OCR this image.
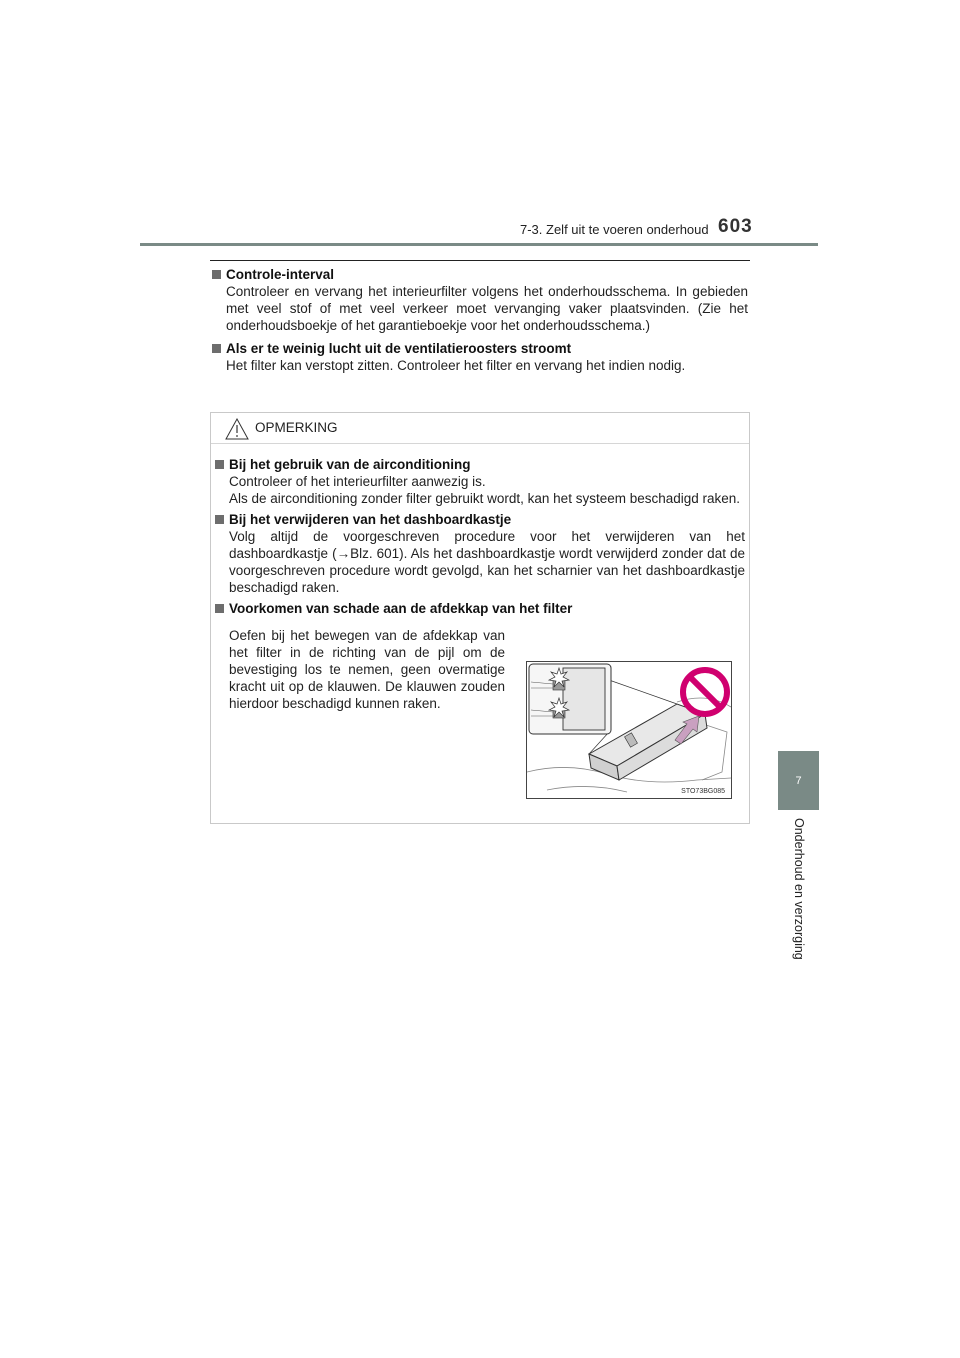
7-3. Zelf uit te voeren onderhoud 603
7
Onderhoud en verzorging
Controle-interval
Controleer en vervang het interieurfilter volgens het onderhoudsschema. In gebieden met veel stof of met veel verkeer moet vervanging vaker plaatsvinden. (Zie het onderhoudsboekje of het garantieboekje voor het onderhoudsschema.)
Als er te weinig lucht uit de ventilatieroosters stroomt
Het filter kan verstopt zitten. Controleer het filter en vervang het indien nodig.
OPMERKING
Bij het gebruik van de airconditioning
Controleer of het interieurfilter aanwezig is.
Als de airconditioning zonder filter gebruikt wordt, kan het systeem beschadigd raken.
Bij het verwijderen van het dashboardkastje
Volg altijd de voorgeschreven procedure voor het verwijderen van het dashboardkastje (→Blz. 601). Als het dashboardkastje wordt verwijderd zonder dat de voorgeschreven procedure wordt gevolgd, kan het scharnier van het dashboardkastje beschadigd raken.
Voorkomen van schade aan de afdekkap van het filter
Oefen bij het bewegen van de afdekkap van het filter in de richting van de pijl om de bevestiging los te nemen, geen overmatige kracht uit op de klauwen. De klauwen zouden hierdoor beschadigd kunnen raken.
STO73BG085
